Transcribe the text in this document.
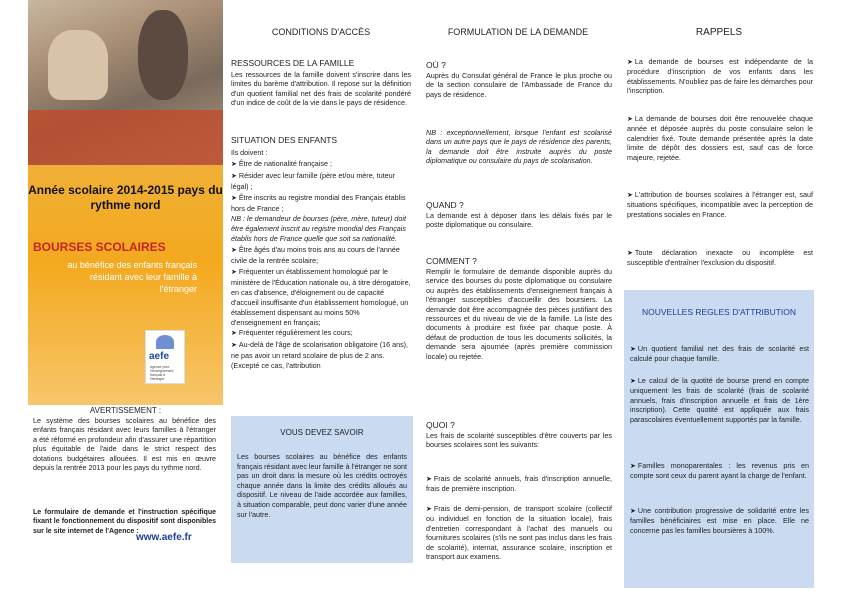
Année scolaire 2014-2015 pays du rythme nord
BOURSES SCOLAIRES
au bénéfice des enfants français résidant avec leur famille à l'étranger
aefe
agence pour l'enseignement français à l'étranger
AVERTISSEMENT :
Le système des bourses scolaires au bénéfice des enfants français résidant avec leurs familles à l'étranger a été réformé en profondeur afin d'assurer une répartition plus équitable de l'aide dans le strict respect des dotations budgétaires allouées. Il est mis en œuvre depuis la rentrée 2013 pour les pays du rythme nord.
Le formulaire de demande et l'instruction spécifique fixant le fonctionnement du dispositif sont disponibles sur le site internet de l'Agence :
www.aefe.fr
CONDITIONS D'ACCÈS
RESSOURCES DE LA FAMILLE
Les ressources de la famille doivent s'inscrire dans les limites du barème d'attribution. Il repose sur la définition d'un quotient familial net des frais de scolarité pondéré d'un indice de coût de la vie dans le pays de résidence.
SITUATION DES ENFANTS
Ils doivent :
➤ Être de nationalité française ;
➤ Résider avec leur famille (père et/ou mère, tuteur légal) ;
➤ Être inscrits au registre mondial des Français établis hors de France ;
NB : le demandeur de bourses (père, mère, tuteur) doit être également inscrit au registre mondial des Français établis hors de France quelle que soit sa nationalité.
➤ Être âgés d'au moins trois ans au cours de l'année civile de la rentrée scolaire;
➤ Fréquenter un établissement homologué par le ministère de l'Éducation nationale ou, à titre dérogatoire, en cas d'absence, d'éloignement ou de capacité d'accueil insuffisante d'un établissement homologué, un établissement dispensant au moins 50% d'enseignement en français;
➤ Fréquenter régulièrement les cours;
➤ Au-delà de l'âge de scolarisation obligatoire (16 ans), ne pas avoir un retard scolaire de plus de 2 ans. (Excepté ce cas, l'attribution
VOUS DEVEZ SAVOIR
Les bourses scolaires au bénéfice des enfants français résidant avec leur famille à l'étranger ne sont pas un droit dans la mesure où les crédits octroyés chaque année dans la limite des crédits alloués au dispositif. Le niveau de l'aide accordée aux familles, à situation comparable, peut donc varier d'une année sur l'autre.
FORMULATION DE LA DEMANDE
OÙ ?
Auprès du Consulat général de France le plus proche ou de la section consulaire de l'Ambassade de France du pays de résidence.
NB : exceptionnellement, lorsque l'enfant est scolarisé dans un autre pays que le pays de résidence des parents, la demande doit être instruite auprès du poste diplomatique ou consulaire du pays de scolarisation.
QUAND ?
La demande est à déposer dans les délais fixés par le poste diplomatique ou consulaire.
COMMENT ?
Remplir le formulaire de demande disponible auprès du service des bourses du poste diplomatique ou consulaire ou auprès des établissements d'enseignement français à l'étranger susceptibles d'accueillir des boursiers. La demande doit être accompagnée des pièces justifiant des ressources et du niveau de vie de la famille. La liste des documents à produire est fixée par chaque poste. À défaut de production de tous les documents sollicités, la demande sera ajournée (après première commission locale) ou rejetée.
QUOI ?
Les frais de scolarité susceptibles d'être couverts par les bourses scolaires sont les suivants:
➤ Frais de scolarité annuels, frais d'inscription annuelle, frais de première inscription.
➤ Frais de demi-pension, de transport scolaire (collectif ou individuel en fonction de la situation locale), frais d'entretien correspondant à l'achat des manuels ou fournitures scolaires (s'ils ne sont pas inclus dans les frais de scolarité), internat, assurance scolaire, inscription et transport aux examens.
RAPPELS
➤ La demande de bourses est indépendante de la procédure d'inscription de vos enfants dans les établissements. N'oubliez pas de faire les démarches pour l'inscription.
➤ La demande de bourses doit être renouvelée chaque année et déposée auprès du poste consulaire selon le calendrier fixé. Toute demande présentée après la date limite de dépôt des dossiers est, sauf cas de force majeure, rejetée.
➤ L'attribution de bourses scolaires à l'étranger est, sauf situations spécifiques, incompatible avec la perception de prestations sociales en France.
➤ Toute déclaration inexacte ou incomplète est susceptible d'entraîner l'exclusion du dispositif.
NOUVELLES REGLES D'ATTRIBUTION
➤ Un quotient familial net des frais de scolarité est calculé pour chaque famille.
➤ Le calcul de la quotité de bourse prend en compte uniquement les frais de scolarité (frais de scolarité annuels, frais d'inscription annuelle et frais de 1ère inscription). Cette quotité est appliquée aux frais parascolaires éventuellement supportés par la famille.
➤ Familles monoparentales : les revenus pris en compte sont ceux du parent ayant la charge de l'enfant.
➤ Une contribution progressive de solidarité entre les familles bénéficiaires est mise en place. Elle ne concerne pas les familles boursières à 100%.
